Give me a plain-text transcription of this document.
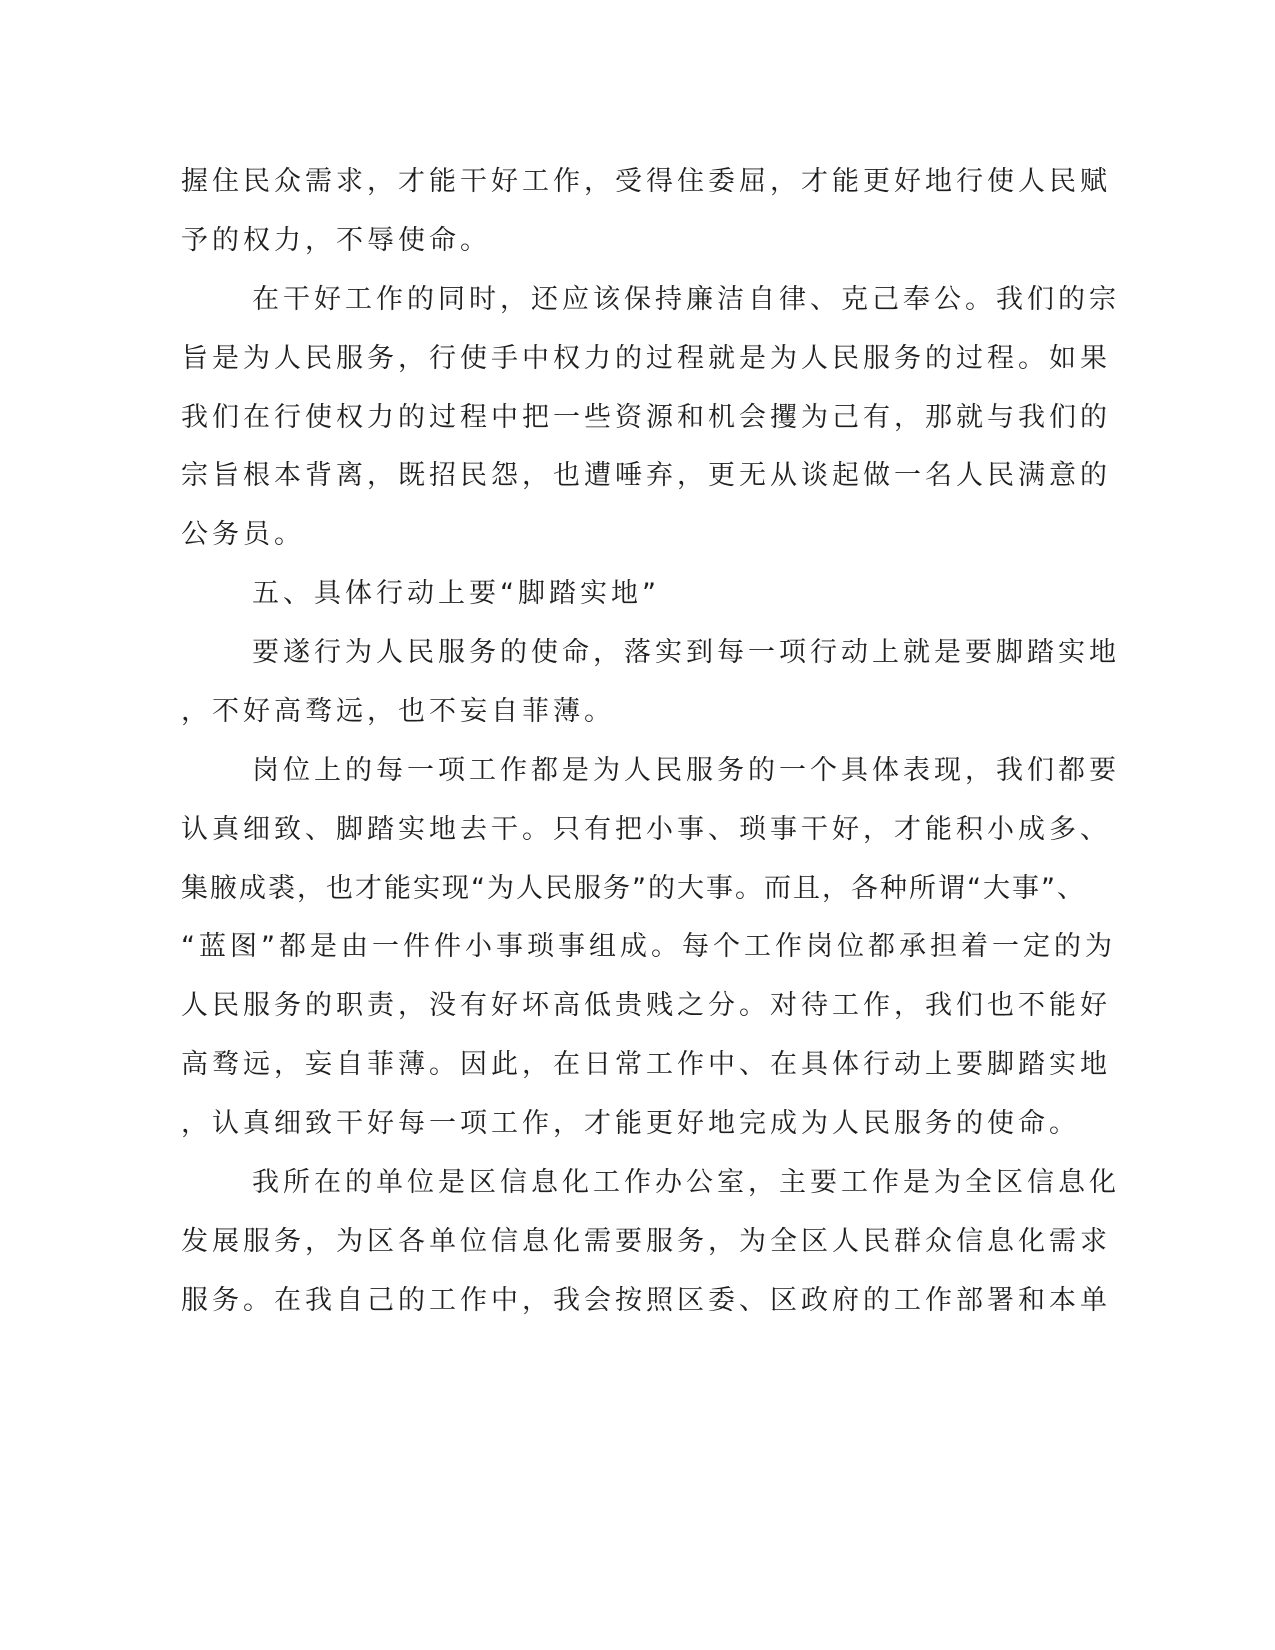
握住民众需求，才能干好工作，受得住委屈，才能更好地行使人民赋

予的权力，不辱使命。

在干好工作的同时，还应该保持廉洁自律、克己奉公。我们的宗

旨是为人民服务，行使手中权力的过程就是为人民服务的过程。如果

我们在行使权力的过程中把一些资源和机会攫为己有，那就与我们的

宗旨根本背离，既招民怨，也遭唾弃，更无从谈起做一名人民满意的

公务员。

五、具体行动上要“脚踏实地”

要遂行为人民服务的使命，落实到每一项行动上就是要脚踏实地

，不好高骛远，也不妄自菲薄。

岗位上的每一项工作都是为人民服务的一个具体表现，我们都要

认真细致、脚踏实地去干。只有把小事、琐事干好，才能积小成多、

集腋成裘，也才能实现“为人民服务”的大事。而且，各种所谓“大事”、

“蓝图”都是由一件件小事琐事组成。每个工作岗位都承担着一定的为

人民服务的职责，没有好坏高低贵贱之分。对待工作，我们也不能好

高骛远，妄自菲薄。因此，在日常工作中、在具体行动上要脚踏实地

，认真细致干好每一项工作，才能更好地完成为人民服务的使命。

我所在的单位是区信息化工作办公室，主要工作是为全区信息化

发展服务，为区各单位信息化需要服务，为全区人民群众信息化需求

服务。在我自己的工作中，我会按照区委、区政府的工作部署和本单
